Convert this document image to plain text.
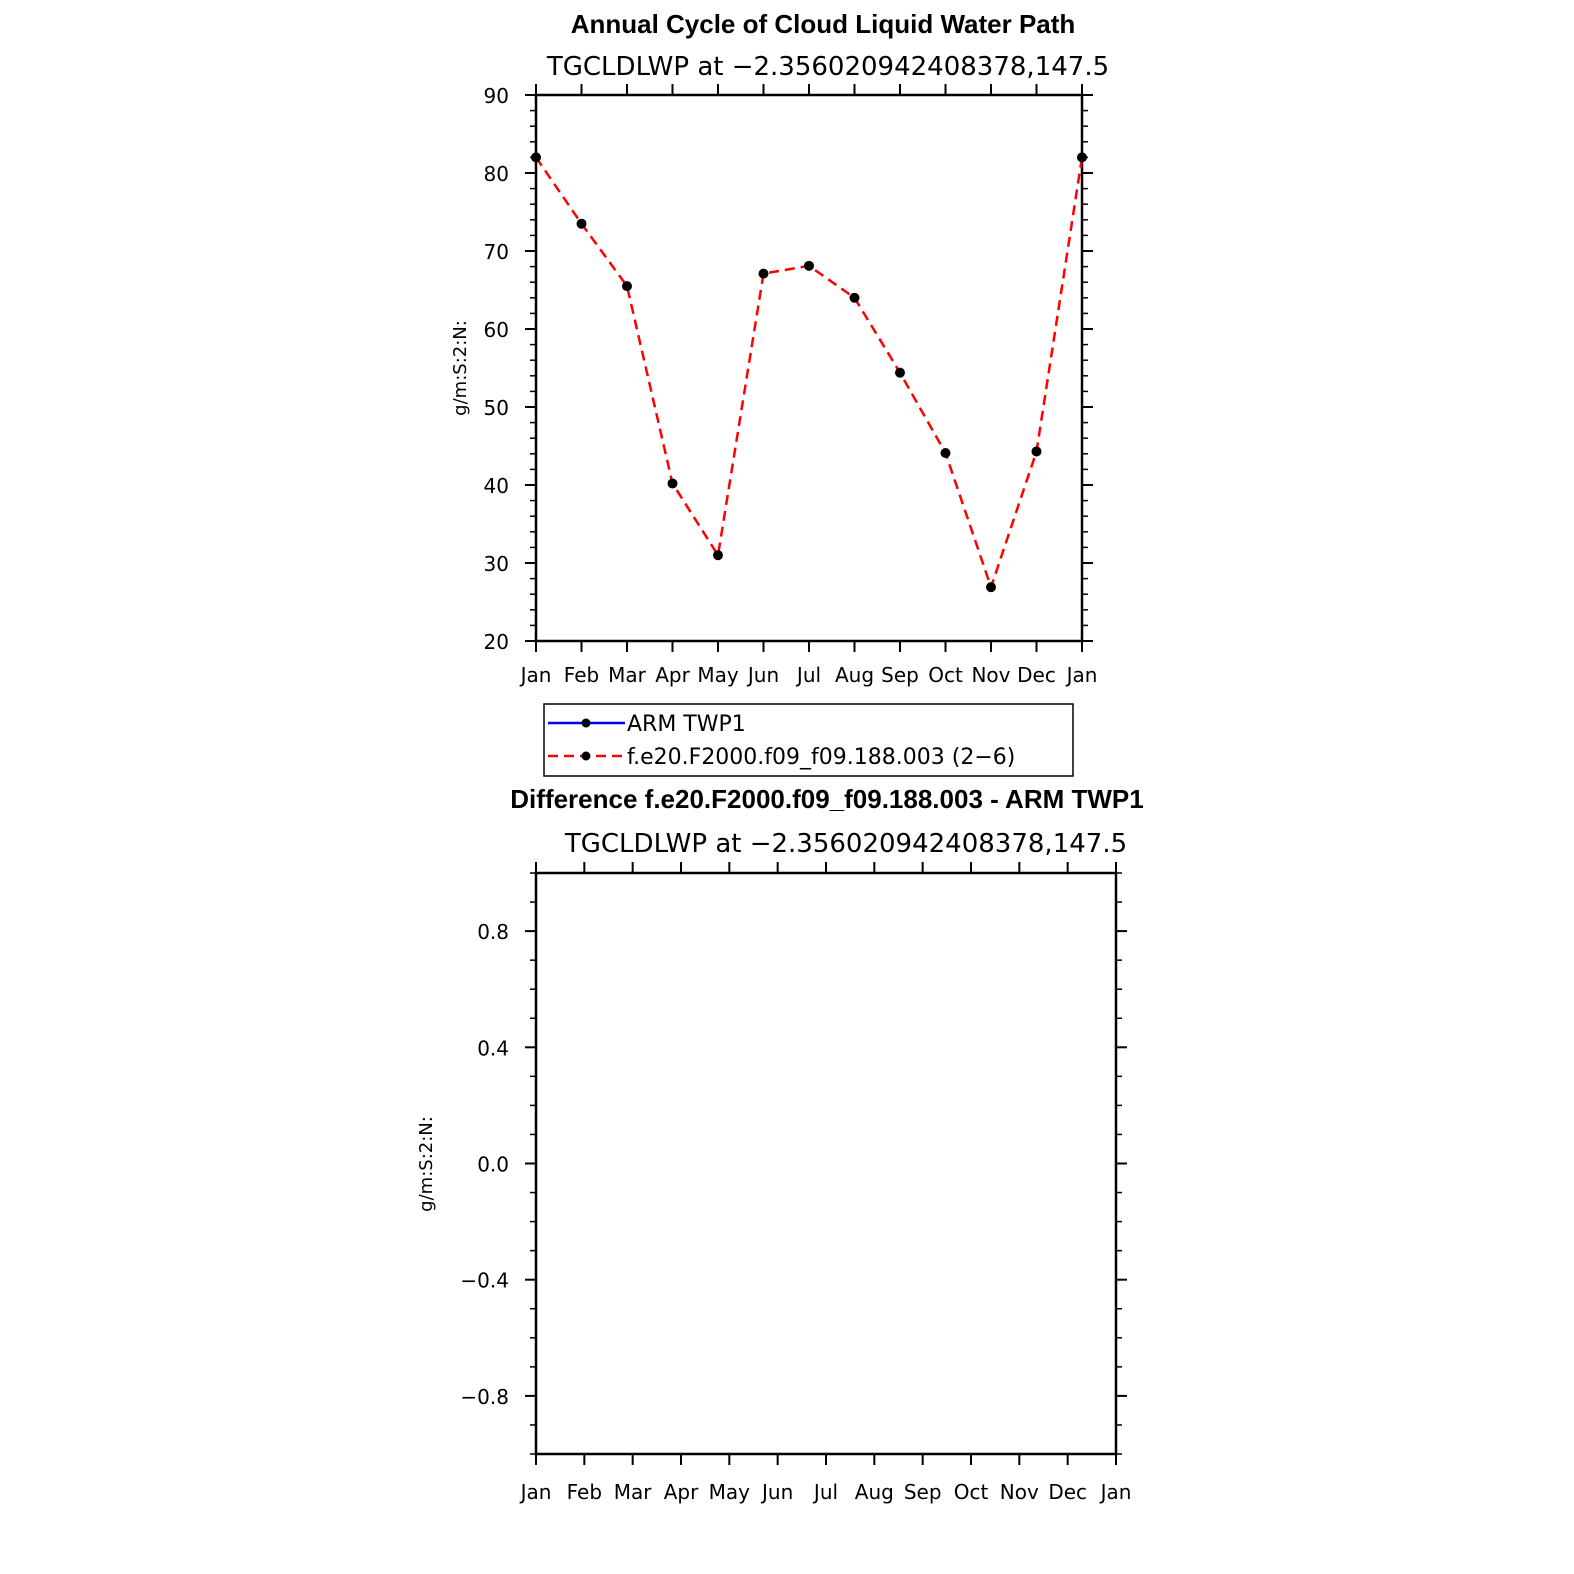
Annual Cycle of Cloud Liquid Water Path
TGCLDLWP at −2.356020942408378,147.5
g/m:S:2:N:
Jan Feb Mar Apr May Jun Jul Aug Sep Oct Nov Dec Jan
20
30
40
50
60
70
80
90
ARM TWP1
f.e20.F2000.f09_f09.188.003 (2−6)
Difference f.e20.F2000.f09_f09.188.003 - ARM TWP1
TGCLDLWP at −2.356020942408378,147.5
g/m:S:2:N:
Jan Feb Mar Apr May Jun Jul Aug Sep Oct Nov Dec Jan
−0.8
−0.4
0.0
0.4
0.8
